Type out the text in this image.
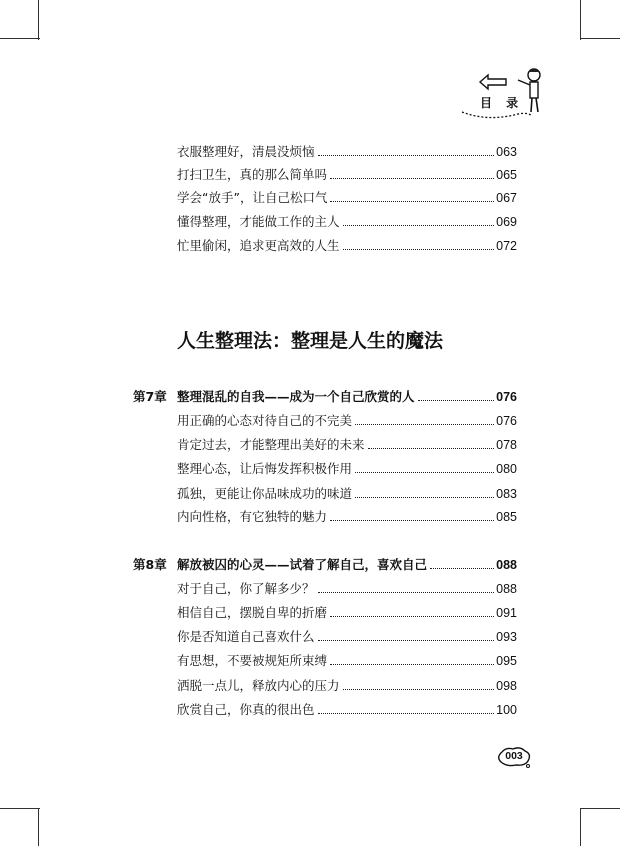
目 录
衣服整理好，清晨没烦恼	063
打扫卫生，真的那么简单吗	065
学会“放手”，让自己松口气	067
懂得整理，才能做工作的主人	069
忙里偷闲，追求更高效的人生	072
人生整理法：整理是人生的魔法
第7章 整理混乱的自我——成为一个自己欣赏的人	076
用正确的心态对待自己的不完美	076
肯定过去，才能整理出美好的未来	078
整理心态，让后悔发挥积极作用	080
孤独，更能让你品味成功的味道	083
内向性格，有它独特的魅力	085
第8章 解放被囚的心灵——试着了解自己，喜欢自己	088
对于自己，你了解多少？	088
相信自己，摆脱自卑的折磨	091
你是否知道自己喜欢什么	093
有思想，不要被规矩所束缚	095
洒脱一点儿，释放内心的压力	098
欣赏自己，你真的很出色	100
003
